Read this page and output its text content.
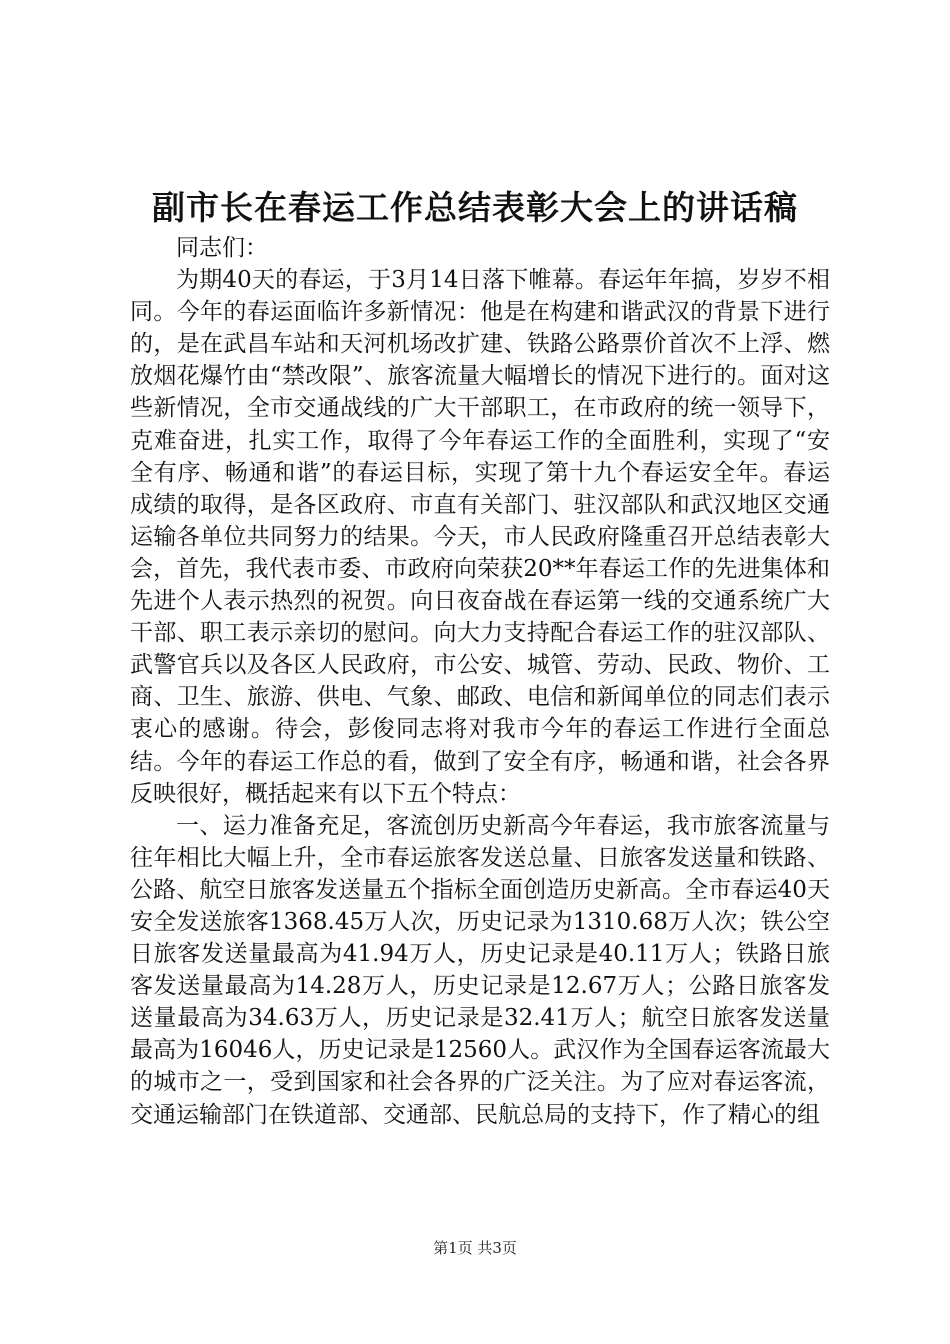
副市长在春运工作总结表彰大会上的讲话稿

同志们：

为期40天的春运，于3月14日落下帷幕。春运年年搞，岁岁不相同。今年的春运面临许多新情况：他是在构建和谐武汉的背景下进行的，是在武昌车站和天河机场改扩建、铁路公路票价首次不上浮、燃放烟花爆竹由“禁改限”、旅客流量大幅增长的情况下进行的。面对这些新情况，全市交通战线的广大干部职工，在市政府的统一领导下，克难奋进，扎实工作，取得了今年春运工作的全面胜利，实现了“安全有序、畅通和谐”的春运目标，实现了第十九个春运安全年。春运成绩的取得，是各区政府、市直有关部门、驻汉部队和武汉地区交通运输各单位共同努力的结果。今天，市人民政府隆重召开总结表彰大会，首先，我代表市委、市政府向荣获20**年春运工作的先进集体和先进个人表示热烈的祝贺。向日夜奋战在春运第一线的交通系统广大干部、职工表示亲切的慰问。向大力支持配合春运工作的驻汉部队、武警官兵以及各区人民政府，市公安、城管、劳动、民政、物价、工商、卫生、旅游、供电、气象、邮政、电信和新闻单位的同志们表示衷心的感谢。待会，彭俊同志将对我市今年的春运工作进行全面总结。今年的春运工作总的看，做到了安全有序，畅通和谐，社会各界反映很好，概括起来有以下五个特点：

一、运力准备充足，客流创历史新高今年春运，我市旅客流量与往年相比大幅上升，全市春运旅客发送总量、日旅客发送量和铁路、公路、航空日旅客发送量五个指标全面创造历史新高。全市春运40天安全发送旅客1368.45万人次，历史记录为1310.68万人次；铁公空日旅客发送量最高为41.94万人，历史记录是40.11万人；铁路日旅客发送量最高为14.28万人，历史记录是12.67万人；公路日旅客发送量最高为34.63万人，历史记录是32.41万人；航空日旅客发送量最高为16046人，历史记录是12560人。武汉作为全国春运客流最大的城市之一，受到国家和社会各界的广泛关注。为了应对春运客流，交通运输部门在铁道部、交通部、民航总局的支持下，作了精心的组

第1页 共3页
